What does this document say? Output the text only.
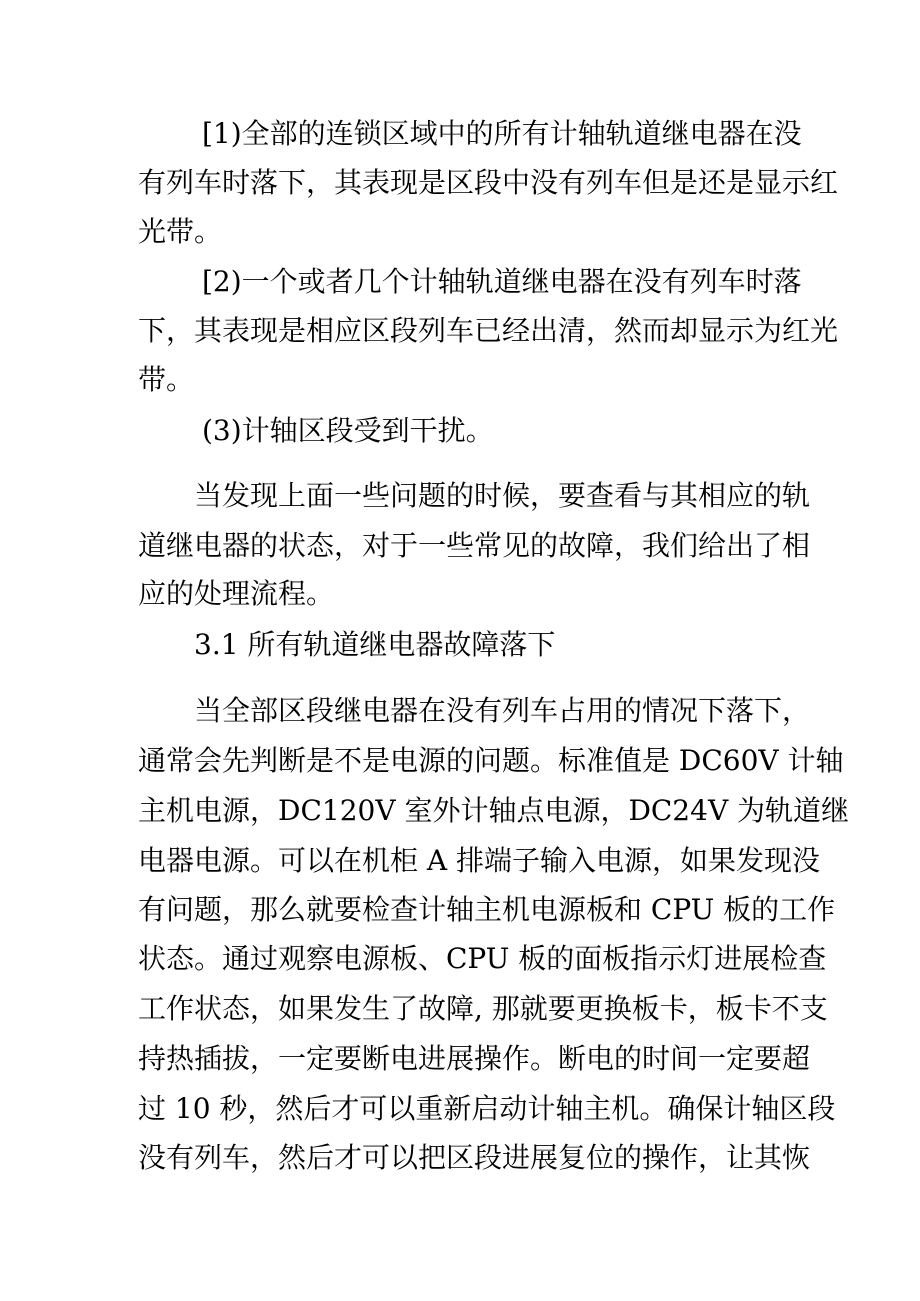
[1)全部的连锁区域中的所有计轴轨道继电器在没
有列车时落下，其表现是区段中没有列车但是还是显示红
光带。
[2)一个或者几个计轴轨道继电器在没有列车时落
下，其表现是相应区段列车已经出清，然而却显示为红光
带。
(3)计轴区段受到干扰。
当发现上面一些问题的时候，要查看与其相应的轨
道继电器的状态，对于一些常见的故障，我们给出了相
应的处理流程。
3.1 所有轨道继电器故障落下
当全部区段继电器在没有列车占用的情况下落下，
通常会先判断是不是电源的问题。标准值是 DC60V 计轴
主机电源，DC120V 室外计轴点电源，DC24V 为轨道继
电器电源。可以在机柜 A 排端子输入电源，如果发现没
有问题，那么就要检查计轴主机电源板和 CPU 板的工作
状态。通过观察电源板、CPU 板的面板指示灯进展检查
工作状态，如果发生了故障, 那就要更换板卡，板卡不支
持热插拔，一定要断电进展操作。断电的时间一定要超
过 10 秒，然后才可以重新启动计轴主机。确保计轴区段
没有列车，然后才可以把区段进展复位的操作，让其恢
